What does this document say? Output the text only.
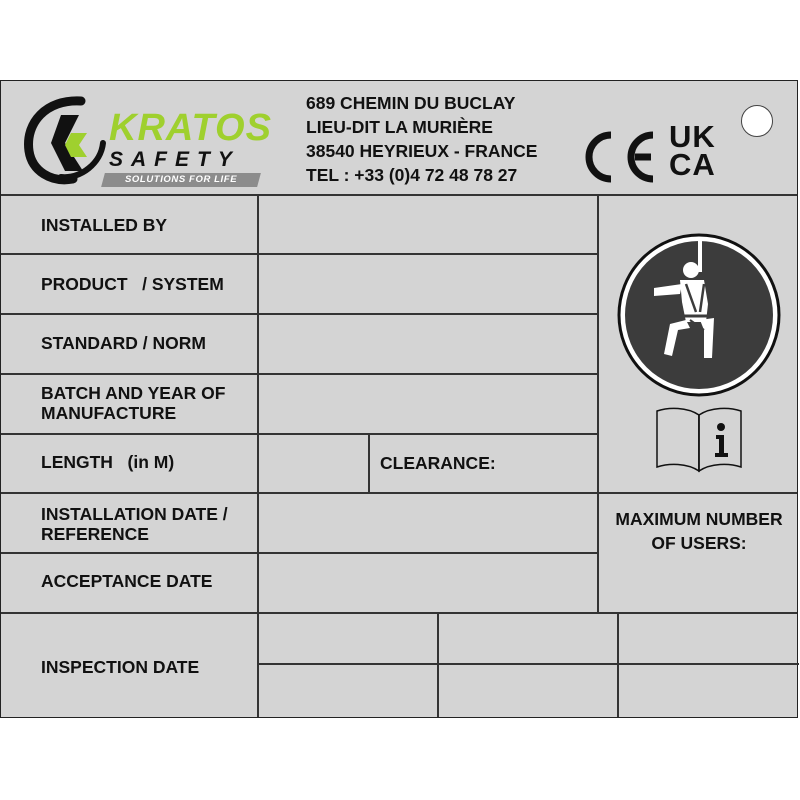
KRATOS
SAFETY
SOLUTIONS FOR LIFE
689 CHEMIN DU BUCLAY
LIEU-DIT LA MURIÈRE
38540 HEYRIEUX - FRANCE
TEL : +33 (0)4 72 48 78 27
UK
CA
INSTALLED BY
PRODUCT   / SYSTEM
STANDARD / NORM
BATCH AND YEAR OF
MANUFACTURE
LENGTH   (in M)	CLEARANCE:
INSTALLATION DATE /
REFERENCE
ACCEPTANCE DATE
INSPECTION DATE
MAXIMUM NUMBER
OF USERS:
